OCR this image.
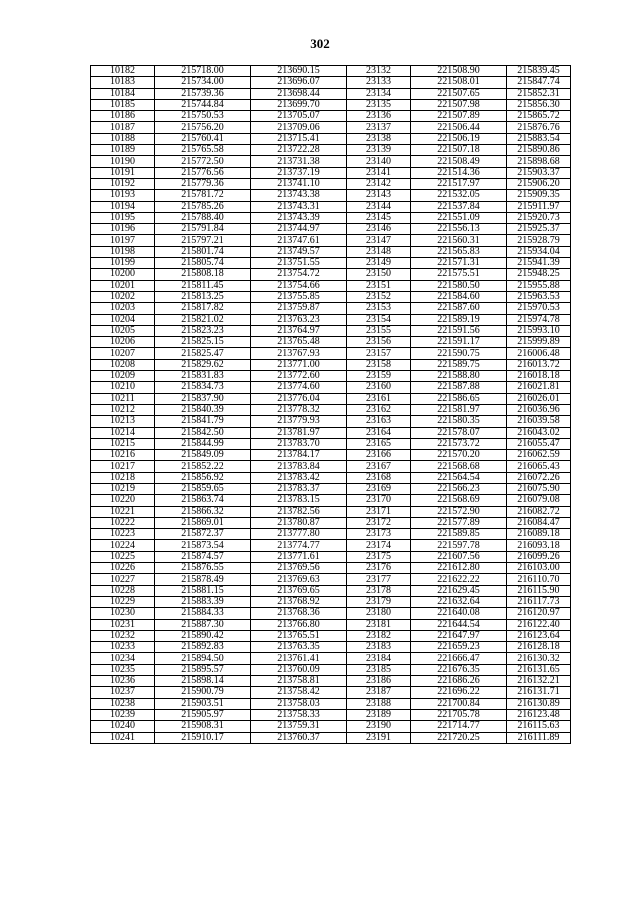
302
10182	215718.00	213690.15	23132	221508.90	215839.45
10183	215734.00	213696.07	23133	221508.01	215847.74
10184	215739.36	213698.44	23134	221507.65	215852.31
10185	215744.84	213699.70	23135	221507.98	215856.30
10186	215750.53	213705.07	23136	221507.89	215865.72
10187	215756.20	213709.06	23137	221506.44	215876.76
10188	215760.41	213715.41	23138	221506.19	215883.54
10189	215765.58	213722.28	23139	221507.18	215890.86
10190	215772.50	213731.38	23140	221508.49	215898.68
10191	215776.56	213737.19	23141	221514.36	215903.37
10192	215779.36	213741.10	23142	221517.97	215906.20
10193	215781.72	213743.38	23143	221532.05	215909.35
10194	215785.26	213743.31	23144	221537.84	215911.97
10195	215788.40	213743.39	23145	221551.09	215920.73
10196	215791.84	213744.97	23146	221556.13	215925.37
10197	215797.21	213747.61	23147	221560.31	215928.79
10198	215801.74	213749.57	23148	221565.83	215934.04
10199	215805.74	213751.55	23149	221571.31	215941.39
10200	215808.18	213754.72	23150	221575.51	215948.25
10201	215811.45	213754.66	23151	221580.50	215955.88
10202	215813.25	213755.85	23152	221584.60	215963.53
10203	215817.82	213759.87	23153	221587.60	215970.53
10204	215821.02	213763.23	23154	221589.19	215974.78
10205	215823.23	213764.97	23155	221591.56	215993.10
10206	215825.15	213765.48	23156	221591.17	215999.89
10207	215825.47	213767.93	23157	221590.75	216006.48
10208	215829.62	213771.00	23158	221589.75	216013.72
10209	215831.83	213772.60	23159	221588.80	216018.18
10210	215834.73	213774.60	23160	221587.88	216021.81
10211	215837.90	213776.04	23161	221586.65	216026.01
10212	215840.39	213778.32	23162	221581.97	216036.96
10213	215841.79	213779.93	23163	221580.35	216039.58
10214	215842.50	213781.97	23164	221578.07	216043.02
10215	215844.99	213783.70	23165	221573.72	216055.47
10216	215849.09	213784.17	23166	221570.20	216062.59
10217	215852.22	213783.84	23167	221568.68	216065.43
10218	215856.92	213783.42	23168	221564.54	216072.26
10219	215859.65	213783.37	23169	221566.23	216075.90
10220	215863.74	213783.15	23170	221568.69	216079.08
10221	215866.32	213782.56	23171	221572.90	216082.72
10222	215869.01	213780.87	23172	221577.89	216084.47
10223	215872.37	213777.80	23173	221589.85	216089.18
10224	215873.54	213774.77	23174	221597.78	216093.18
10225	215874.57	213771.61	23175	221607.56	216099.26
10226	215876.55	213769.56	23176	221612.80	216103.00
10227	215878.49	213769.63	23177	221622.22	216110.70
10228	215881.15	213769.65	23178	221629.45	216115.90
10229	215883.39	213768.92	23179	221632.64	216117.73
10230	215884.33	213768.36	23180	221640.08	216120.97
10231	215887.30	213766.80	23181	221644.54	216122.40
10232	215890.42	213765.51	23182	221647.97	216123.64
10233	215892.83	213763.35	23183	221659.23	216128.18
10234	215894.50	213761.41	23184	221666.47	216130.32
10235	215895.57	213760.09	23185	221676.35	216131.65
10236	215898.14	213758.81	23186	221686.26	216132.21
10237	215900.79	213758.42	23187	221696.22	216131.71
10238	215903.51	213758.03	23188	221700.84	216130.89
10239	215905.97	213758.33	23189	221705.78	216123.48
10240	215908.31	213759.31	23190	221714.77	216115.63
10241	215910.17	213760.37	23191	221720.25	216111.89
